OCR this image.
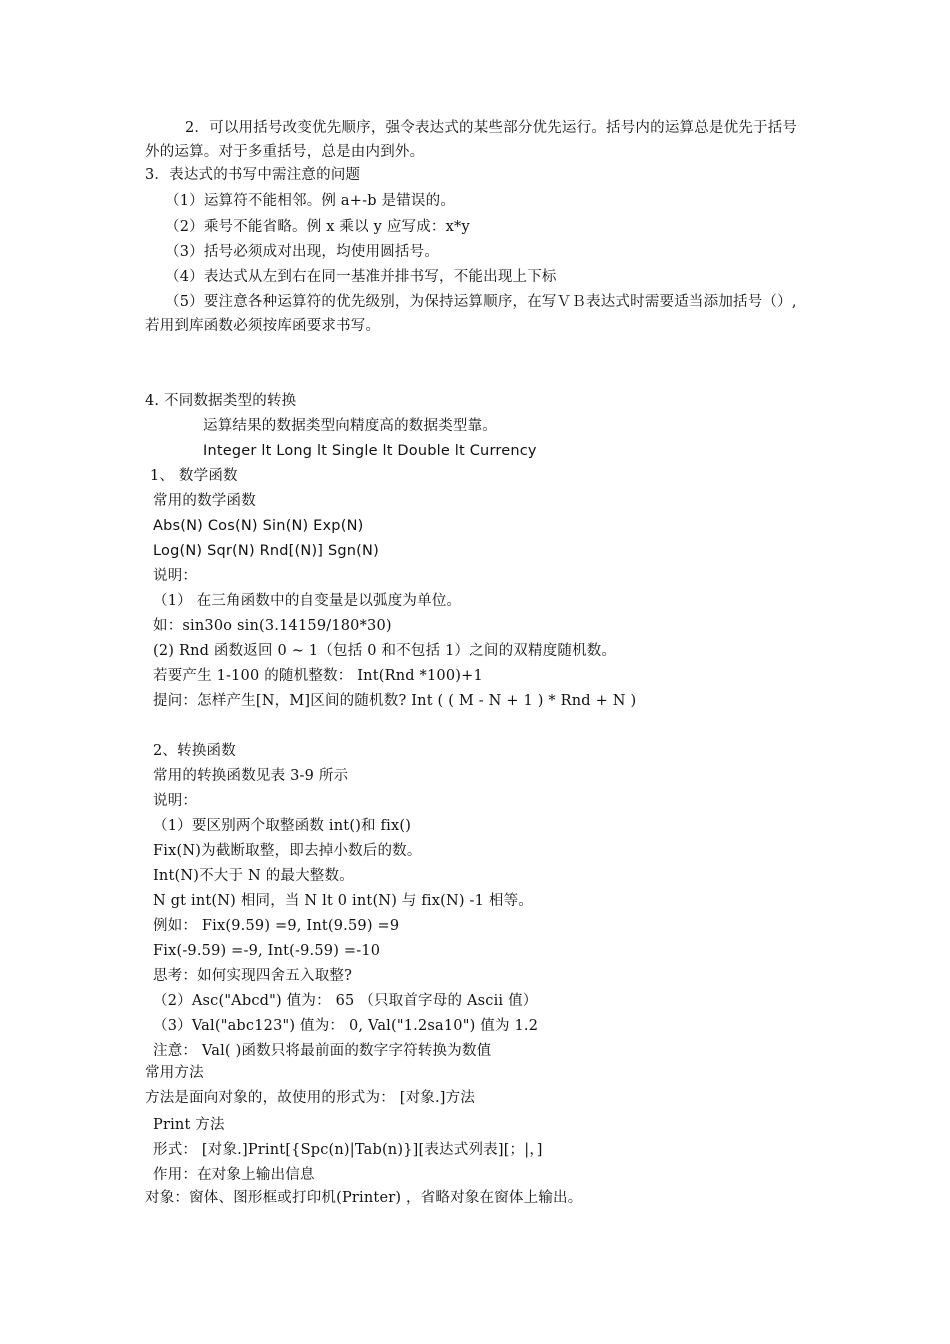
2．可以用括号改变优先顺序，强令表达式的某些部分优先运行。括号内的运算总是优先于括号外的运算。对于多重括号，总是由内到外。
3．表达式的书写中需注意的问题
（1）运算符不能相邻。例 a+-b 是错误的。
（2）乘号不能省略。例 x 乘以 y 应写成：x*y
（3）括号必须成对出现，均使用圆括号。
（4）表达式从左到右在同一基准并排书写，不能出现上下标
（5）要注意各种运算符的优先级别，为保持运算顺序，在写ＶＢ表达式时需要适当添加括号（）,若用到库函数必须按库函要求书写。
4. 不同数据类型的转换
运算结果的数据类型向精度高的数据类型靠。
Integer lt Long lt Single lt Double lt Currency
1、 数学函数
常用的数学函数
Abs(N) Cos(N) Sin(N) Exp(N)
Log(N) Sqr(N) Rnd[(N)] Sgn(N)
说明：
（1） 在三角函数中的自变量是以弧度为单位。
如：sin30o sin(3.14159/180*30)
(2) Rnd 函数返回 0 ~ 1（包括 0 和不包括 1）之间的双精度随机数。
若要产生 1-100 的随机整数： Int(Rnd *100)+1
提问：怎样产生[N，M]区间的随机数? Int ( ( M - N + 1 ) * Rnd + N )
2、转换函数
常用的转换函数见表 3-9 所示
说明：
（1）要区别两个取整函数 int()和 fix()
Fix(N)为截断取整，即去掉小数后的数。
Int(N)不大于 N 的最大整数。
N gt int(N) 相同，当 N lt 0 int(N) 与 fix(N) -1 相等。
例如： Fix(9.59) =9, Int(9.59) =9
Fix(-9.59) =-9, Int(-9.59) =-10
思考：如何实现四舍五入取整?
（2）Asc("Abcd") 值为： 65 （只取首字母的 Ascii 值）
（3）Val("abc123") 值为： 0, Val("1.2sa10") 值为 1.2
注意： Val( )函数只将最前面的数字字符转换为数值
常用方法
方法是面向对象的，故使用的形式为： [对象.]方法
Print 方法
形式： [对象.]Print[{Spc(n)|Tab(n)}][表达式列表][；|，]
作用：在对象上输出信息
对象：窗体、图形框或打印机(Printer) ，省略对象在窗体上输出。
